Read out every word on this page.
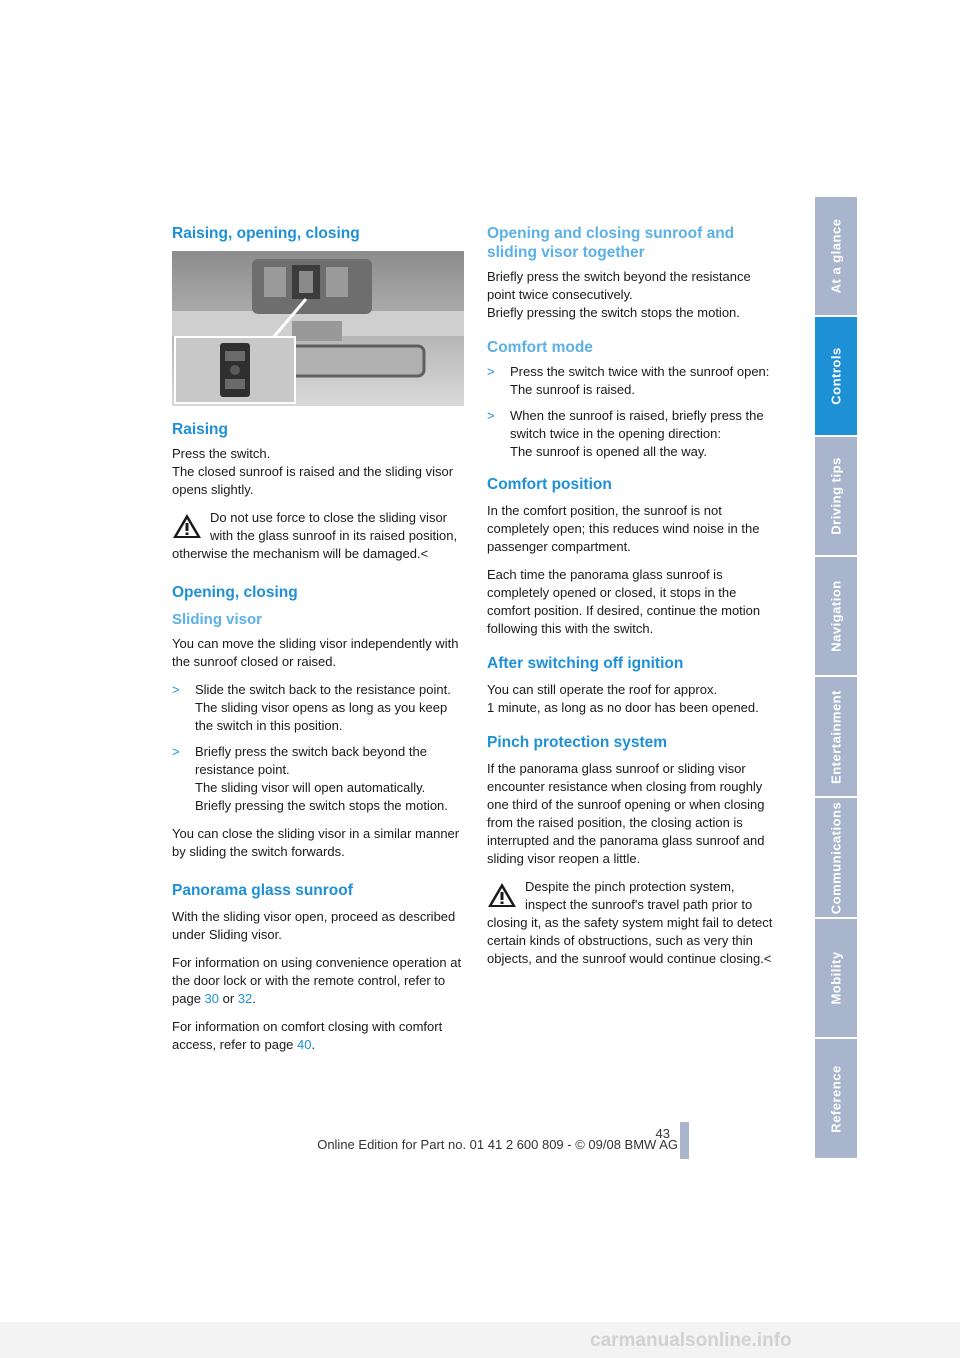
Raising, opening, closing
Raising

Press the switch.
The closed sunroof is raised and the sliding visor opens slightly.

Do not use force to close the sliding visor with the glass sunroof in its raised position, otherwise the mechanism will be damaged.<
Opening, closing
Sliding visor

You can move the sliding visor independently with the sunroof closed or raised.

> Slide the switch back to the resistance point.
The sliding visor opens as long as you keep the switch in this position.
> Briefly press the switch back beyond the resistance point.
The sliding visor will open automatically.
Briefly pressing the switch stops the motion.

You can close the sliding visor in a similar manner by sliding the switch forwards.

Panorama glass sunroof

With the sliding visor open, proceed as described under Sliding visor.

For information on using convenience operation at the door lock or with the remote control, refer to page 30 or 32.

For information on comfort closing with comfort access, refer to page 40.

Opening and closing sunroof and sliding visor together

Briefly press the switch beyond the resistance point twice consecutively.
Briefly pressing the switch stops the motion.

Comfort mode
> Press the switch twice with the sunroof open:
The sunroof is raised.
> When the sunroof is raised, briefly press the switch twice in the opening direction:
The sunroof is opened all the way.
Comfort position

In the comfort position, the sunroof is not completely open; this reduces wind noise in the passenger compartment.

Each time the panorama glass sunroof is completely opened or closed, it stops in the comfort position. If desired, continue the motion following this with the switch.

After switching off ignition

You can still operate the roof for approx.
1 minute, as long as no door has been opened.

Pinch protection system

If the panorama glass sunroof or sliding visor encounter resistance when closing from roughly one third of the sunroof opening or when closing from the raised position, the closing action is interrupted and the panorama glass sunroof and sliding visor reopen a little.

Despite the pinch protection system, inspect the sunroof's travel path prior to closing it, as the safety system might fail to detect certain kinds of obstructions, such as very thin objects, and the sunroof would continue closing.<
At a glance
Controls
Driving tips
Navigation
Entertainment
Communications
Mobility
Reference
43
Online Edition for Part no. 01 41 2 600 809 - © 09/08 BMW AG
carmanualsonline.info
